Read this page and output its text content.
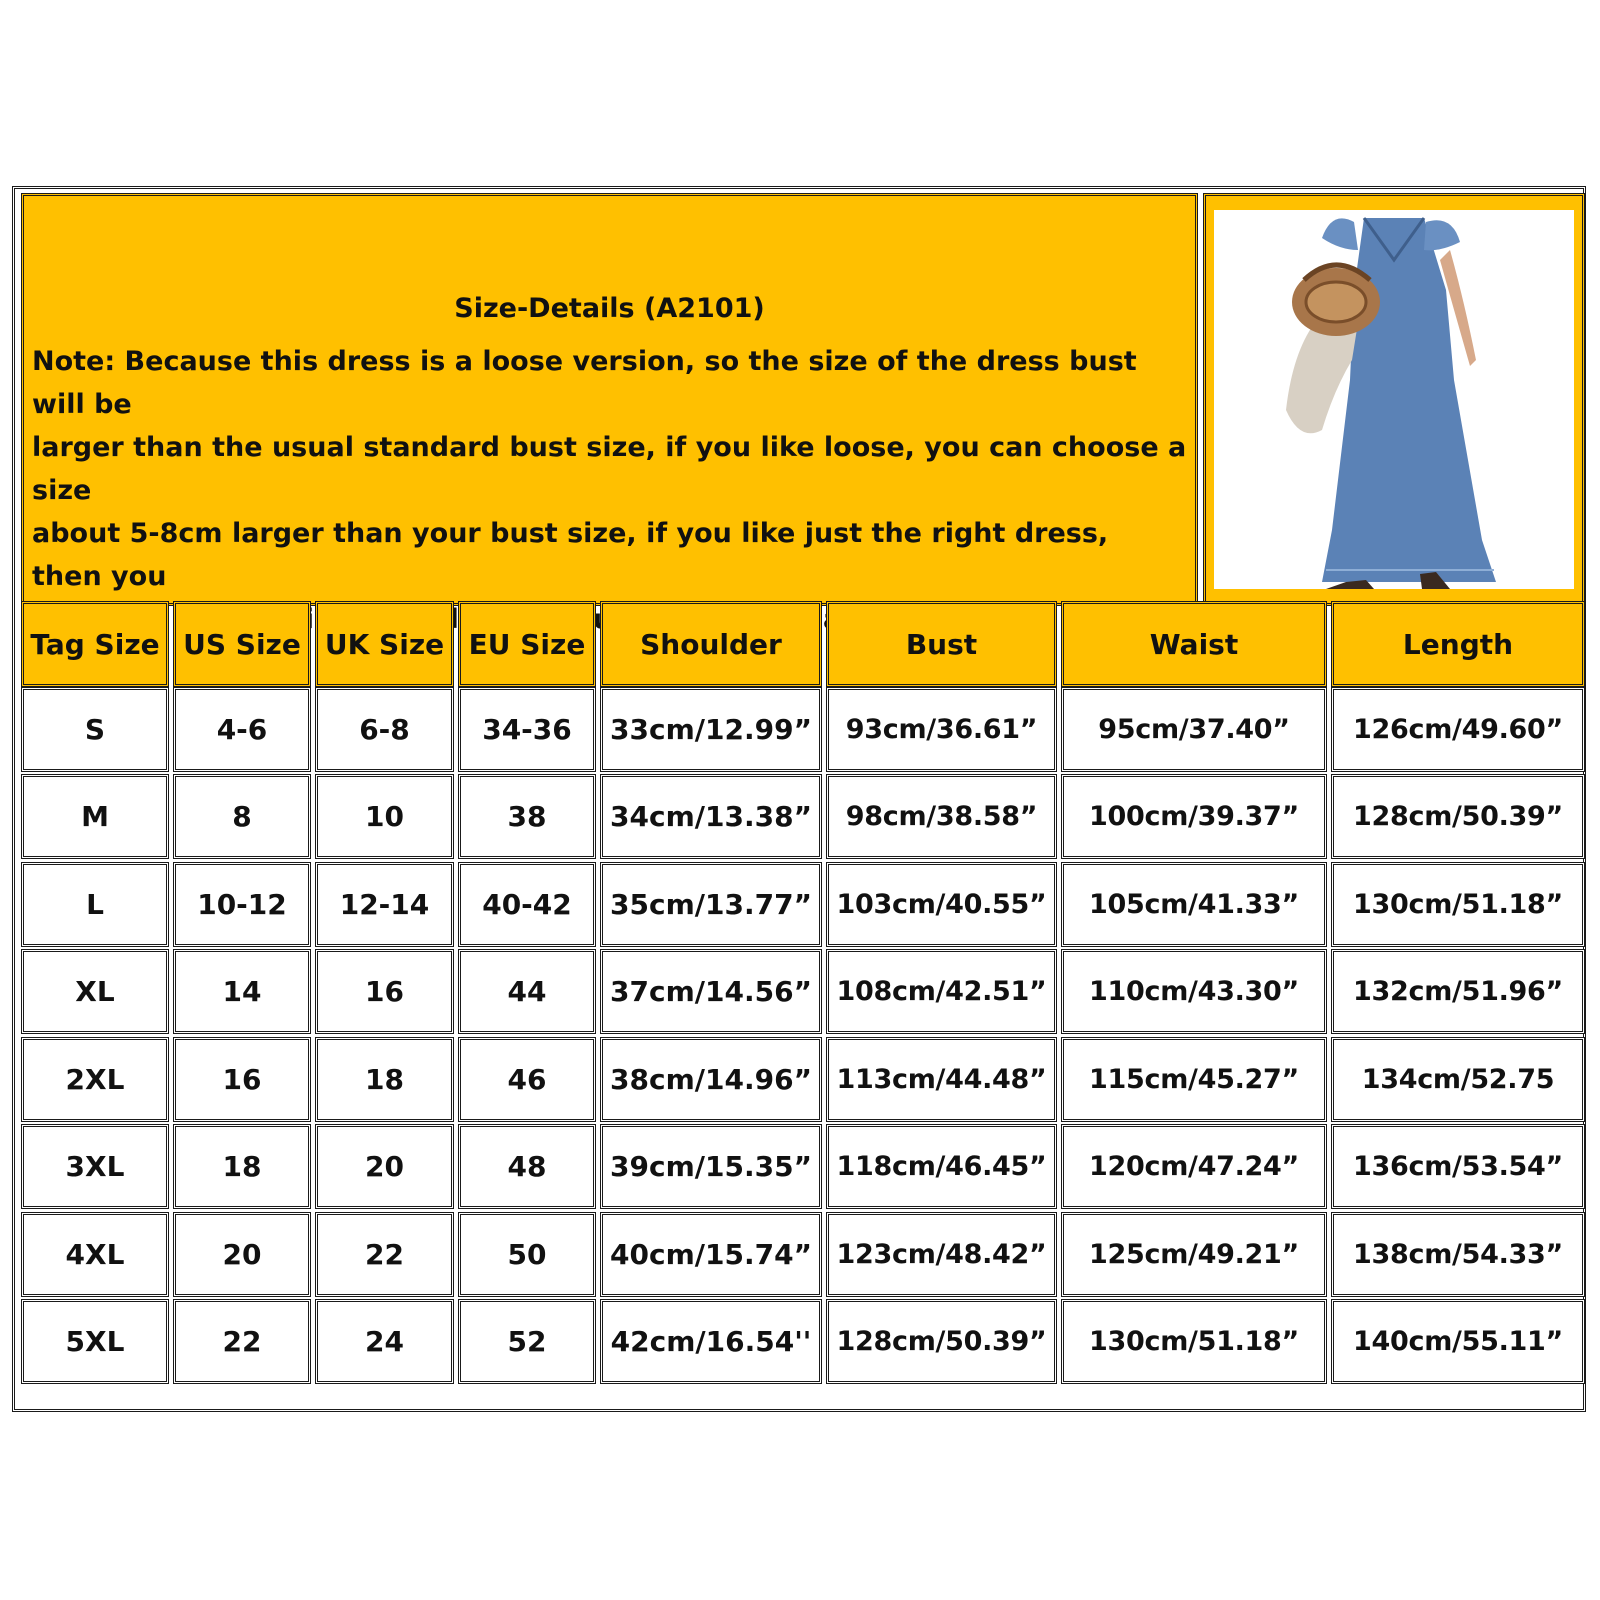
Size-Details (A2101)
Note: Because this dress is a loose version, so the size of the dress bust will be
larger than the usual standard bust size, if you like loose, you can choose a size
about 5-8cm larger than your bust size, if you like just the right dress, then you

Tag Size US Size UK Size EU Size	Shoulder	Bust	Waist	Length
S	4-6	6-8	34-36	33cm/12.99”	93cm/36.61”	95cm/37.40”	126cm/49.60”
M	8	10	38	34cm/13.38”	98cm/38.58”	100cm/39.37”	128cm/50.39”
L	10-12	12-14	40-42	35cm/13.77” 103cm/40.55”	105cm/41.33”	130cm/51.18”
XL	14	16	44	37cm/14.56” 108cm/42.51”	110cm/43.30”	132cm/51.96”
2XL	16	18	46	38cm/14.96” 113cm/44.48”	115cm/45.27”	134cm/52.75
3XL	18	20	48	39cm/15.35” 118cm/46.45”	120cm/47.24”	136cm/53.54”
4XL	20	22	50	40cm/15.74” 123cm/48.42”	125cm/49.21”	138cm/54.33”
5XL	22	24	52	42cm/16.54'' 128cm/50.39”	130cm/51.18”	140cm/55.11”
